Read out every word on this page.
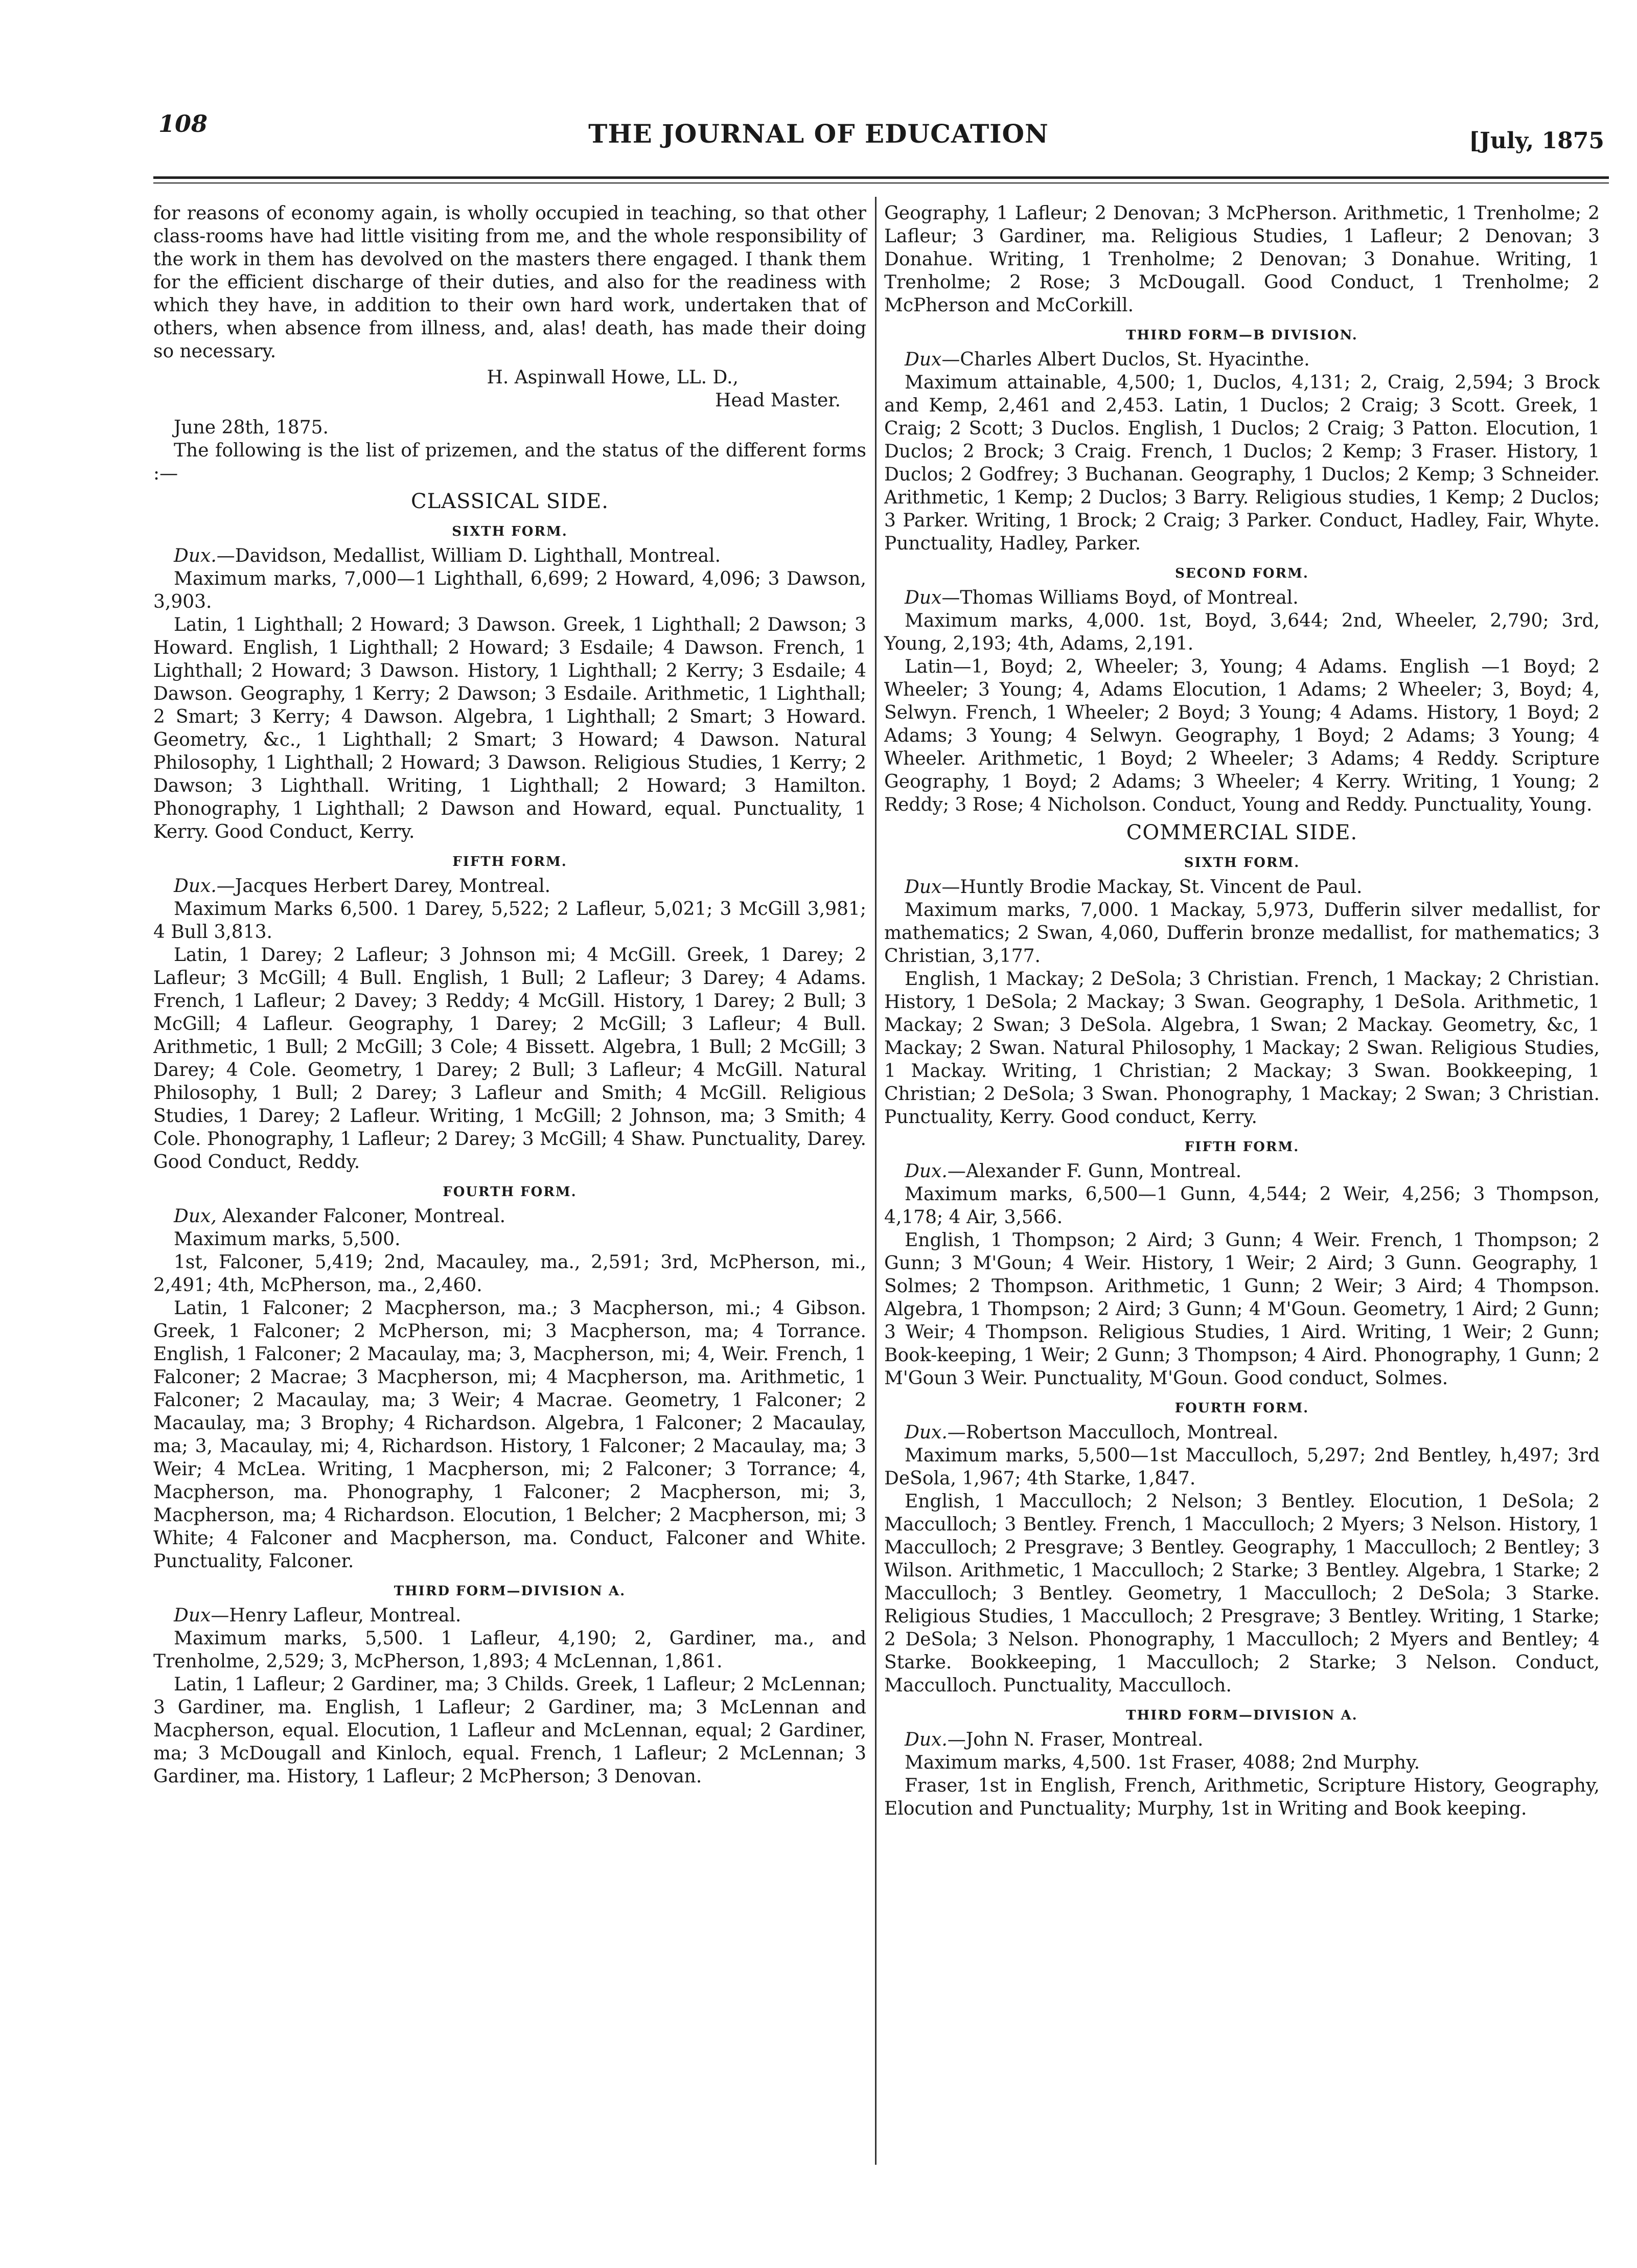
108	THE JOURNAL OF EDUCATION	[July, 1875

for reasons of economy again, is wholly occupied in teaching, so that other class-rooms have had little visiting from me, and the whole responsibility of the work in them has devolved on the masters there engaged. I thank them for the efficient discharge of their duties, and also for the readiness with which they have, in addition to their own hard work, undertaken that of others, when absence from illness, and, alas! death, has made their doing so necessary.

H. Aspinwall Howe, LL. D.,
Head Master.
June 28th, 1875.

The following is the list of prizemen, and the status of the different forms :—

CLASSICAL SIDE.
SIXTH FORM.

Dux.—Davidson, Medallist, William D. Lighthall, Montreal.

Maximum marks, 7,000—1 Lighthall, 6,699; 2 Howard, 4,096; 3 Dawson, 3,903.

Latin, 1 Lighthall; 2 Howard; 3 Dawson. Greek, 1 Lighthall; 2 Dawson; 3 Howard. English, 1 Lighthall; 2 Howard; 3 Esdaile; 4 Dawson. French, 1 Lighthall; 2 Howard; 3 Dawson. History, 1 Lighthall; 2 Kerry; 3 Esdaile; 4 Dawson. Geography, 1 Kerry; 2 Dawson; 3 Esdaile. Arithmetic, 1 Lighthall; 2 Smart; 3 Kerry; 4 Dawson. Algebra, 1 Lighthall; 2 Smart; 3 Howard. Geometry, &c., 1 Lighthall; 2 Smart; 3 Howard; 4 Dawson. Natural Philosophy, 1 Lighthall; 2 Howard; 3 Dawson. Religious Studies, 1 Kerry; 2 Dawson; 3 Lighthall. Writing, 1 Lighthall; 2 Howard; 3 Hamilton. Phonography, 1 Lighthall; 2 Dawson and Howard, equal. Punctuality, 1 Kerry. Good Conduct, Kerry.

FIFTH FORM.

Dux.—Jacques Herbert Darey, Montreal.

Maximum Marks 6,500. 1 Darey, 5,522; 2 Lafleur, 5,021; 3 McGill 3,981; 4 Bull 3,813.

Latin, 1 Darey; 2 Lafleur; 3 Johnson mi; 4 McGill. Greek, 1 Darey; 2 Lafleur; 3 McGill; 4 Bull. English, 1 Bull; 2 Lafleur; 3 Darey; 4 Adams. French, 1 Lafleur; 2 Davey; 3 Reddy; 4 McGill. History, 1 Darey; 2 Bull; 3 McGill; 4 Lafleur. Geography, 1 Darey; 2 McGill; 3 Lafleur; 4 Bull. Arithmetic, 1 Bull; 2 McGill; 3 Cole; 4 Bissett. Algebra, 1 Bull; 2 McGill; 3 Darey; 4 Cole. Geometry, 1 Darey; 2 Bull; 3 Lafleur; 4 McGill. Natural Philosophy, 1 Bull; 2 Darey; 3 Lafleur and Smith; 4 McGill. Religious Studies, 1 Darey; 2 Lafleur. Writing, 1 McGill; 2 Johnson, ma; 3 Smith; 4 Cole. Phonography, 1 Lafleur; 2 Darey; 3 McGill; 4 Shaw. Punctuality, Darey. Good Conduct, Reddy.

FOURTH FORM.

Dux, Alexander Falconer, Montreal.

Maximum marks, 5,500.

1st, Falconer, 5,419; 2nd, Macauley, ma., 2,591; 3rd, McPherson, mi., 2,491; 4th, McPherson, ma., 2,460.

Latin, 1 Falconer; 2 Macpherson, ma.; 3 Macpherson, mi.; 4 Gibson. Greek, 1 Falconer; 2 McPherson, mi; 3 Macpherson, ma; 4 Torrance. English, 1 Falconer; 2 Macaulay, ma; 3, Macpherson, mi; 4, Weir. French, 1 Falconer; 2 Macrae; 3 Macpherson, mi; 4 Macpherson, ma. Arithmetic, 1 Falconer; 2 Macaulay, ma; 3 Weir; 4 Macrae. Geometry, 1 Falconer; 2 Macaulay, ma; 3 Brophy; 4 Richardson. Algebra, 1 Falconer; 2 Macaulay, ma; 3, Macaulay, mi; 4, Richardson. History, 1 Falconer; 2 Macaulay, ma; 3 Weir; 4 McLea. Writing, 1 Macpherson, mi; 2 Falconer; 3 Torrance; 4, Macpherson, ma. Phonography, 1 Falconer; 2 Macpherson, mi; 3, Macpherson, ma; 4 Richardson. Elocution, 1 Belcher; 2 Macpherson, mi; 3 White; 4 Falconer and Macpherson, ma. Conduct, Falconer and White. Punctuality, Falconer.

THIRD FORM—DIVISION A.

Dux—Henry Lafleur, Montreal.

Maximum marks, 5,500. 1 Lafleur, 4,190; 2, Gardiner, ma., and Trenholme, 2,529; 3, McPherson, 1,893; 4 McLennan, 1,861.

Latin, 1 Lafleur; 2 Gardiner, ma; 3 Childs. Greek, 1 Lafleur; 2 McLennan; 3 Gardiner, ma. English, 1 Lafleur; 2 Gardiner, ma; 3 McLennan and Macpherson, equal. Elocution, 1 Lafleur and McLennan, equal; 2 Gardiner, ma; 3 McDougall and Kinloch, equal. French, 1 Lafleur; 2 McLennan; 3 Gardiner, ma. History, 1 Lafleur; 2 McPherson; 3 Denovan.

Geography, 1 Lafleur; 2 Denovan; 3 McPherson. Arithmetic, 1 Trenholme; 2 Lafleur; 3 Gardiner, ma. Religious Studies, 1 Lafleur; 2 Denovan; 3 Donahue. Writing, 1 Trenholme; 2 Denovan; 3 Donahue. Writing, 1 Trenholme; 2 Rose; 3 McDougall. Good Conduct, 1 Trenholme; 2 McPherson and McCorkill.

THIRD FORM—B DIVISION.

Dux—Charles Albert Duclos, St. Hyacinthe.

Maximum attainable, 4,500; 1, Duclos, 4,131; 2, Craig, 2,594; 3 Brock and Kemp, 2,461 and 2,453. Latin, 1 Duclos; 2 Craig; 3 Scott. Greek, 1 Craig; 2 Scott; 3 Duclos. English, 1 Duclos; 2 Craig; 3 Patton. Elocution, 1 Duclos; 2 Brock; 3 Craig. French, 1 Duclos; 2 Kemp; 3 Fraser. History, 1 Duclos; 2 Godfrey; 3 Buchanan. Geography, 1 Duclos; 2 Kemp; 3 Schneider. Arithmetic, 1 Kemp; 2 Duclos; 3 Barry. Religious studies, 1 Kemp; 2 Duclos; 3 Parker. Writing, 1 Brock; 2 Craig; 3 Parker. Conduct, Hadley, Fair, Whyte. Punctuality, Hadley, Parker.

SECOND FORM.

Dux—Thomas Williams Boyd, of Montreal.

Maximum marks, 4,000. 1st, Boyd, 3,644; 2nd, Wheeler, 2,790; 3rd, Young, 2,193; 4th, Adams, 2,191.

Latin—1, Boyd; 2, Wheeler; 3, Young; 4 Adams. English —1 Boyd; 2 Wheeler; 3 Young; 4, Adams Elocution, 1 Adams; 2 Wheeler; 3, Boyd; 4, Selwyn. French, 1 Wheeler; 2 Boyd; 3 Young; 4 Adams. History, 1 Boyd; 2 Adams; 3 Young; 4 Selwyn. Geography, 1 Boyd; 2 Adams; 3 Young; 4 Wheeler. Arithmetic, 1 Boyd; 2 Wheeler; 3 Adams; 4 Reddy. Scripture Geography, 1 Boyd; 2 Adams; 3 Wheeler; 4 Kerry. Writing, 1 Young; 2 Reddy; 3 Rose; 4 Nicholson. Conduct, Young and Reddy. Punctuality, Young.

COMMERCIAL SIDE.
SIXTH FORM.

Dux—Huntly Brodie Mackay, St. Vincent de Paul.

Maximum marks, 7,000. 1 Mackay, 5,973, Dufferin silver medallist, for mathematics; 2 Swan, 4,060, Dufferin bronze medallist, for mathematics; 3 Christian, 3,177.

English, 1 Mackay; 2 DeSola; 3 Christian. French, 1 Mackay; 2 Christian. History, 1 DeSola; 2 Mackay; 3 Swan. Geography, 1 DeSola. Arithmetic, 1 Mackay; 2 Swan; 3 DeSola. Algebra, 1 Swan; 2 Mackay. Geometry, &c, 1 Mackay; 2 Swan. Natural Philosophy, 1 Mackay; 2 Swan. Religious Studies, 1 Mackay. Writing, 1 Christian; 2 Mackay; 3 Swan. Bookkeeping, 1 Christian; 2 DeSola; 3 Swan. Phonography, 1 Mackay; 2 Swan; 3 Christian. Punctuality, Kerry. Good conduct, Kerry.

FIFTH FORM.

Dux.—Alexander F. Gunn, Montreal.

Maximum marks, 6,500—1 Gunn, 4,544; 2 Weir, 4,256; 3 Thompson, 4,178; 4 Air, 3,566.

English, 1 Thompson; 2 Aird; 3 Gunn; 4 Weir. French, 1 Thompson; 2 Gunn; 3 M'Goun; 4 Weir. History, 1 Weir; 2 Aird; 3 Gunn. Geography, 1 Solmes; 2 Thompson. Arithmetic, 1 Gunn; 2 Weir; 3 Aird; 4 Thompson. Algebra, 1 Thompson; 2 Aird; 3 Gunn; 4 M'Goun. Geometry, 1 Aird; 2 Gunn; 3 Weir; 4 Thompson. Religious Studies, 1 Aird. Writing, 1 Weir; 2 Gunn; Book-keeping, 1 Weir; 2 Gunn; 3 Thompson; 4 Aird. Phonography, 1 Gunn; 2 M'Goun 3 Weir. Punctuality, M'Goun. Good conduct, Solmes.

FOURTH FORM.

Dux.—Robertson Macculloch, Montreal.

Maximum marks, 5,500—1st Macculloch, 5,297; 2nd Bentley, h,497; 3rd DeSola, 1,967; 4th Starke, 1,847.

English, 1 Macculloch; 2 Nelson; 3 Bentley. Elocution, 1 DeSola; 2 Macculloch; 3 Bentley. French, 1 Macculloch; 2 Myers; 3 Nelson. History, 1 Macculloch; 2 Presgrave; 3 Bentley. Geography, 1 Macculloch; 2 Bentley; 3 Wilson. Arithmetic, 1 Macculloch; 2 Starke; 3 Bentley. Algebra, 1 Starke; 2 Macculloch; 3 Bentley. Geometry, 1 Macculloch; 2 DeSola; 3 Starke. Religious Studies, 1 Macculloch; 2 Presgrave; 3 Bentley. Writing, 1 Starke; 2 DeSola; 3 Nelson. Phonography, 1 Macculloch; 2 Myers and Bentley; 4 Starke. Bookkeeping, 1 Macculloch; 2 Starke; 3 Nelson. Conduct, Macculloch. Punctuality, Macculloch.

THIRD FORM—DIVISION A.

Dux.—John N. Fraser, Montreal.

Maximum marks, 4,500. 1st Fraser, 4088; 2nd Murphy.

Fraser, 1st in English, French, Arithmetic, Scripture History, Geography, Elocution and Punctuality; Murphy, 1st in Writing and Book keeping.
